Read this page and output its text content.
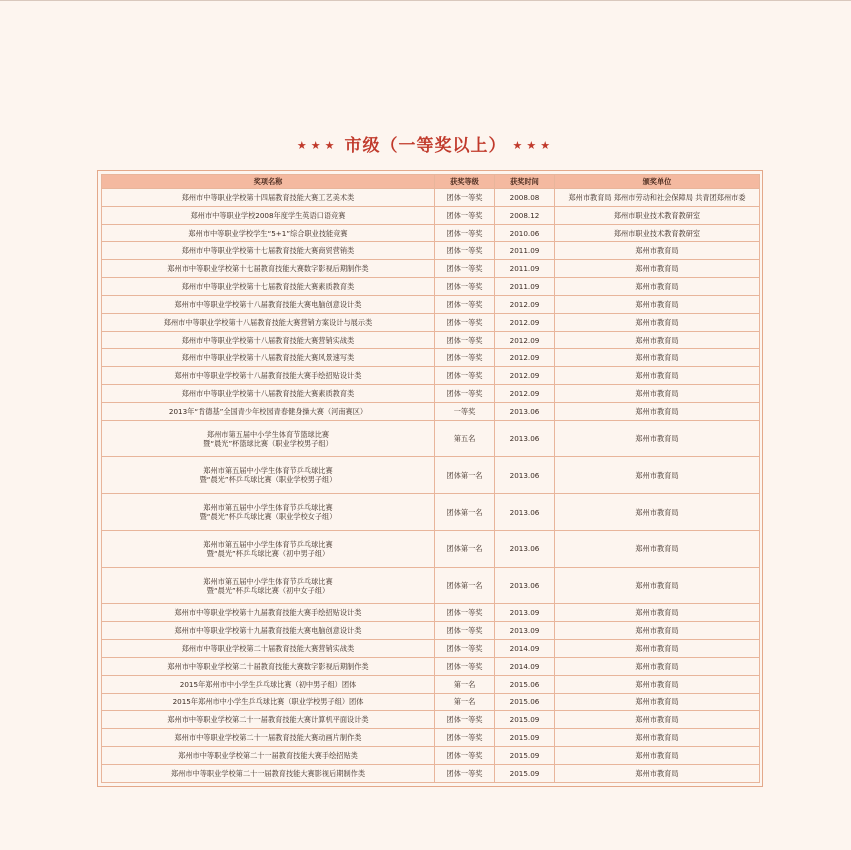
★★★ 市级（一等奖以上） ★★★
奖项名称	获奖等级	获奖时间	颁奖单位
郑州市中等职业学校第十四届教育技能大赛工艺美术类	团体一等奖	2008.08	郑州市教育局 郑州市劳动和社会保障局 共青团郑州市委
郑州市中等职业学校2008年度学生英语口语竞赛	团体一等奖	2008.12	郑州市职业技术教育教研室
郑州市中等职业学校学生“5+1”综合职业技能竞赛	团体一等奖	2010.06	郑州市职业技术教育教研室
郑州市中等职业学校第十七届教育技能大赛商贸营销类	团体一等奖	2011.09	郑州市教育局
郑州市中等职业学校第十七届教育技能大赛数字影视后期制作类	团体一等奖	2011.09	郑州市教育局
郑州市中等职业学校第十七届教育技能大赛素质教育类	团体一等奖	2011.09	郑州市教育局
郑州市中等职业学校第十八届教育技能大赛电脑创意设计类	团体一等奖	2012.09	郑州市教育局
郑州市中等职业学校第十八届教育技能大赛营销方案设计与展示类	团体一等奖	2012.09	郑州市教育局
郑州市中等职业学校第十八届教育技能大赛营销实战类	团体一等奖	2012.09	郑州市教育局
郑州市中等职业学校第十八届教育技能大赛风景速写类	团体一等奖	2012.09	郑州市教育局
郑州市中等职业学校第十八届教育技能大赛手绘招贴设计类	团体一等奖	2012.09	郑州市教育局
郑州市中等职业学校第十八届教育技能大赛素质教育类	团体一等奖	2012.09	郑州市教育局
2013年“肯德基”全国青少年校园青春健身操大赛（河南赛区）	一等奖	2013.06	郑州市教育局
郑州市第五届中小学生体育节篮球比赛
暨“晨光”杯篮球比赛（职业学校男子组）	第五名	2013.06	郑州市教育局
郑州市第五届中小学生体育节乒乓球比赛
暨“晨光”杯乒乓球比赛（职业学校男子组）	团体第一名	2013.06	郑州市教育局
郑州市第五届中小学生体育节乒乓球比赛
暨“晨光”杯乒乓球比赛（职业学校女子组）	团体第一名	2013.06	郑州市教育局
郑州市第五届中小学生体育节乒乓球比赛
暨“晨光”杯乒乓球比赛（初中男子组）	团体第一名	2013.06	郑州市教育局
郑州市第五届中小学生体育节乒乓球比赛
暨“晨光”杯乒乓球比赛（初中女子组）	团体第一名	2013.06	郑州市教育局
郑州市中等职业学校第十九届教育技能大赛手绘招贴设计类	团体一等奖	2013.09	郑州市教育局
郑州市中等职业学校第十九届教育技能大赛电脑创意设计类	团体一等奖	2013.09	郑州市教育局
郑州市中等职业学校第二十届教育技能大赛营销实战类	团体一等奖	2014.09	郑州市教育局
郑州市中等职业学校第二十届教育技能大赛数字影视后期制作类	团体一等奖	2014.09	郑州市教育局
2015年郑州市中小学生乒乓球比赛（初中男子组）团体	第一名	2015.06	郑州市教育局
2015年郑州市中小学生乒乓球比赛（职业学校男子组）团体	第一名	2015.06	郑州市教育局
郑州市中等职业学校第二十一届教育技能大赛计算机平面设计类	团体一等奖	2015.09	郑州市教育局
郑州市中等职业学校第二十一届教育技能大赛动画片制作类	团体一等奖	2015.09	郑州市教育局
郑州市中等职业学校第二十一届教育技能大赛手绘招贴类	团体一等奖	2015.09	郑州市教育局
郑州市中等职业学校第二十一届教育技能大赛影视后期制作类	团体一等奖	2015.09	郑州市教育局
